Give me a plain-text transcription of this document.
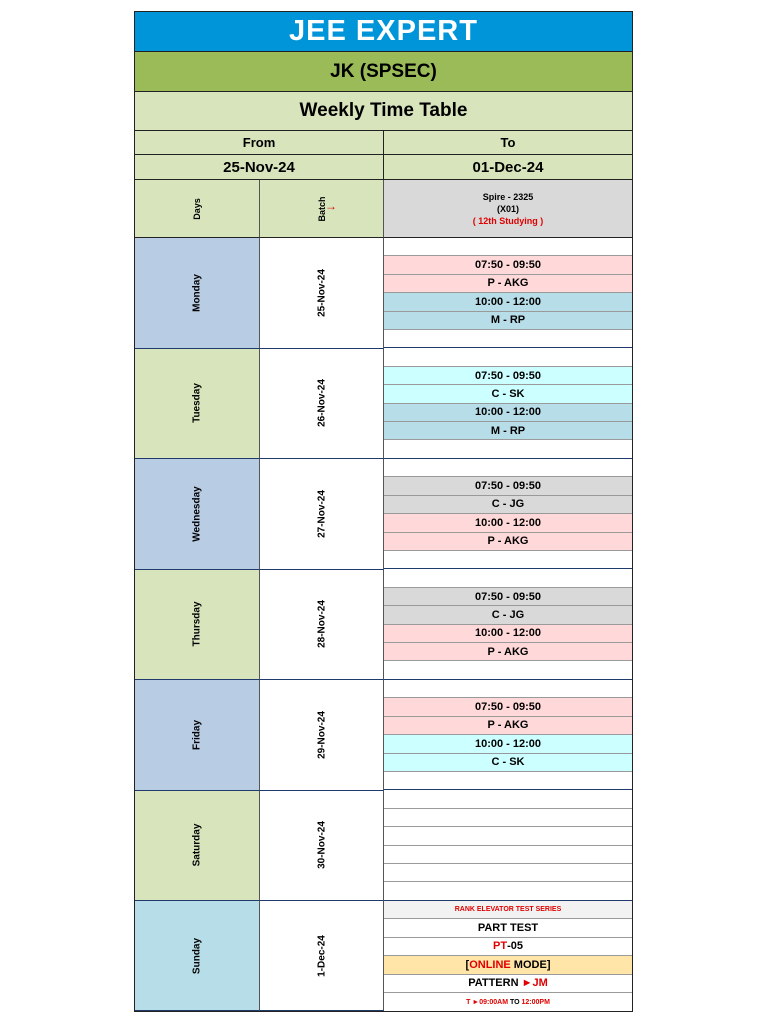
JEE EXPERT
JK (SPSEC)
Weekly Time Table
From	To
25-Nov-24	01-Dec-24
Days	Batch
→
Spire - 2325
(X01)
( 12th Studying )
Monday	25-Nov-24
07:50 - 09:50
P - AKG
10:00 - 12:00
M - RP
Tuesday	26-Nov-24
07:50 - 09:50
C - SK
10:00 - 12:00
M - RP
Wednesday	27-Nov-24
07:50 - 09:50
C - JG
10:00 - 12:00
P - AKG
Thursday	28-Nov-24
07:50 - 09:50
C - JG
10:00 - 12:00
P - AKG
Friday	29-Nov-24
07:50 - 09:50
P - AKG
10:00 - 12:00
C - SK
Saturday	30-Nov-24
Sunday	1-Dec-24
RANK ELEVATOR TEST SERIES
PART TEST
PT -05
[ ONLINE MODE ]
PATTERN ► JM
T ► 09:00AM TO 12:00PM
